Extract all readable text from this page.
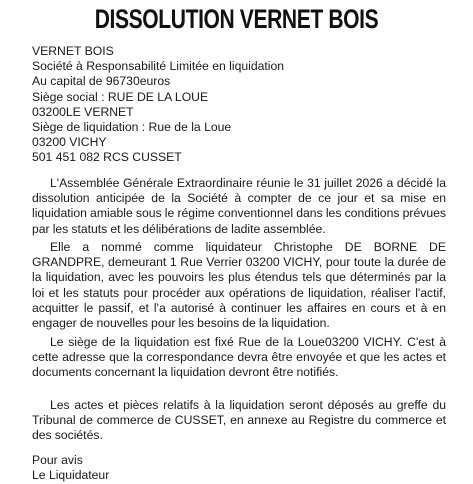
DISSOLUTION VERNET BOIS
VERNET BOIS
Société à Responsabilité Limitée en liquidation
Au capital de 96730euros
Siège social : RUE DE LA LOUE
03200LE VERNET
Siège de liquidation : Rue de la Loue
03200 VICHY
501 451 082 RCS CUSSET
L'Assemblée Générale Extraordinaire réunie le 31 juillet 2026 a décidé la dissolution anticipée de la Société à compter de ce jour et sa mise en liquidation amiable sous le régime conventionnel dans les conditions prévues par les statuts et les délibérations de ladite assemblée.
Elle a nommé comme liquidateur Christophe DE BORNE DE GRANDPRE, demeurant 1 Rue Verrier 03200 VICHY, pour toute la durée de la liquidation, avec les pouvoirs les plus étendus tels que déterminés par la loi et les statuts pour procéder aux opérations de liquidation, réaliser l'actif, acquitter le passif, et l'a autorisé à continuer les affaires en cours et à en engager de nouvelles pour les besoins de la liquidation.
Le siège de la liquidation est fixé Rue de la Loue03200 VICHY. C'est à cette adresse que la correspondance devra être envoyée et que les actes et documents concernant la liquidation devront être notifiés.
Les actes et pièces relatifs à la liquidation seront déposés au greffe du Tribunal de commerce de CUSSET, en annexe au Registre du commerce et des sociétés.
Pour avis
Le Liquidateur
